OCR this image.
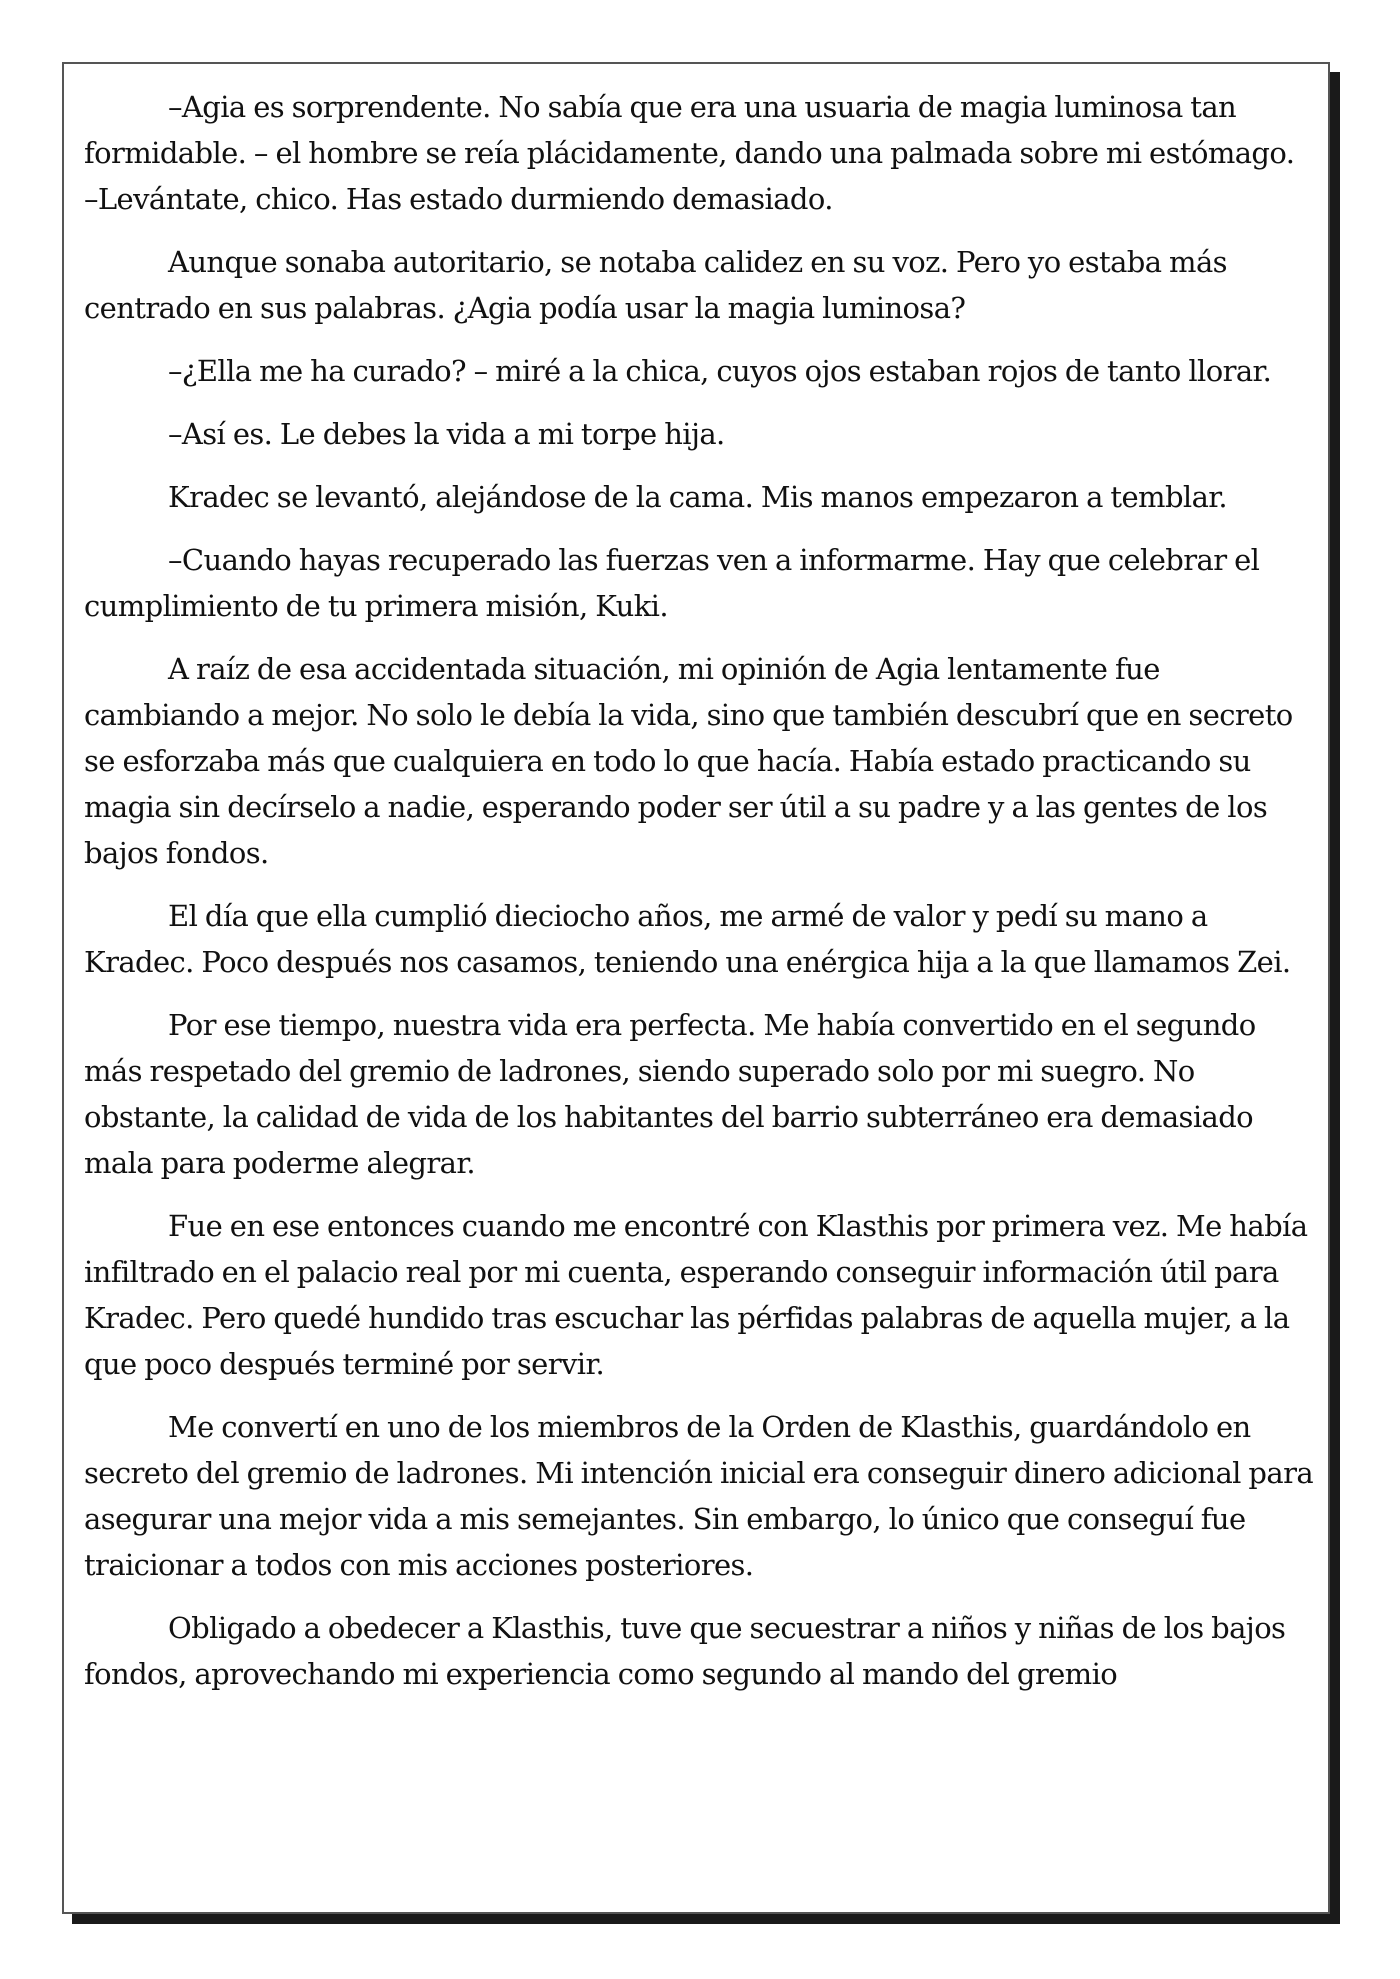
–Agia es sorprendente. No sabía que era una usuaria de magia luminosa tan formidable. – el hombre se reía plácidamente, dando una palmada sobre mi estómago. –Levántate, chico. Has estado durmiendo demasiado.

Aunque sonaba autoritario, se notaba calidez en su voz. Pero yo estaba más centrado en sus palabras. ¿Agia podía usar la magia luminosa?

–¿Ella me ha curado? – miré a la chica, cuyos ojos estaban rojos de tanto llorar.

–Así es. Le debes la vida a mi torpe hija.

Kradec se levantó, alejándose de la cama. Mis manos empezaron a temblar.

–Cuando hayas recuperado las fuerzas ven a informarme. Hay que celebrar el cumplimiento de tu primera misión, Kuki.

A raíz de esa accidentada situación, mi opinión de Agia lentamente fue cambiando a mejor. No solo le debía la vida, sino que también descubrí que en secreto se esforzaba más que cualquiera en todo lo que hacía. Había estado practicando su magia sin decírselo a nadie, esperando poder ser útil a su padre y a las gentes de los bajos fondos.

El día que ella cumplió dieciocho años, me armé de valor y pedí su mano a Kradec. Poco después nos casamos, teniendo una enérgica hija a la que llamamos Zei.

Por ese tiempo, nuestra vida era perfecta. Me había convertido en el segundo más respetado del gremio de ladrones, siendo superado solo por mi suegro. No obstante, la calidad de vida de los habitantes del barrio subterráneo era demasiado mala para poderme alegrar.

Fue en ese entonces cuando me encontré con Klasthis por primera vez. Me había infiltrado en el palacio real por mi cuenta, esperando conseguir información útil para Kradec. Pero quedé hundido tras escuchar las pérfidas palabras de aquella mujer, a la que poco después terminé por servir.

Me convertí en uno de los miembros de la Orden de Klasthis, guardándolo en secreto del gremio de ladrones. Mi intención inicial era conseguir dinero adicional para asegurar una mejor vida a mis semejantes. Sin embargo, lo único que conseguí fue traicionar a todos con mis acciones posteriores.

Obligado a obedecer a Klasthis, tuve que secuestrar a niños y niñas de los bajos fondos, aprovechando mi experiencia como segundo al mando del gremio
